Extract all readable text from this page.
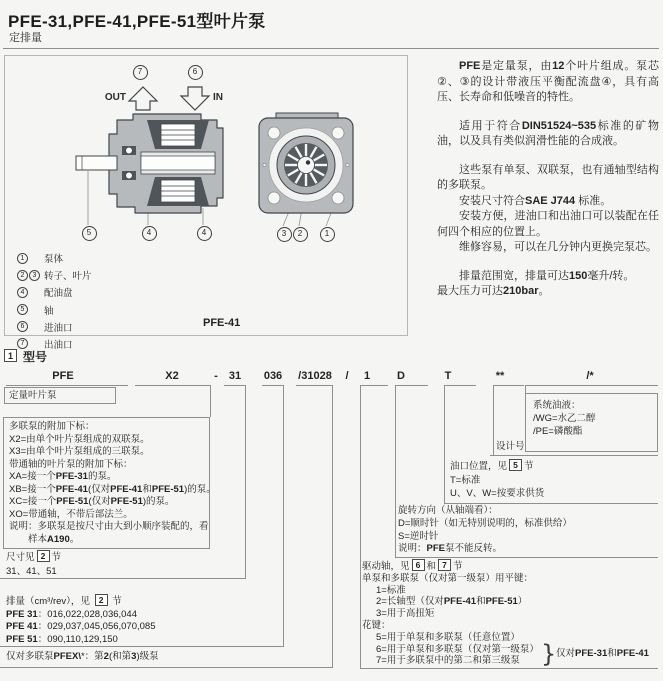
PFE-31,PFE-41,PFE-51型叶片泵
定排量
OUT	IN
7	6
5	4	4	3	2	1
1	泵体
2	3 转子、叶片
4	配油盘
5	轴
6	进油口
7	出油口
PFE-41

PFE是定量泵，由12个叶片组成。泵芯②、③的设计带液压平衡配流盘④，具有高压、长寿命和低噪音的特性。

适用于符合DIN51524~535标准的矿物油，以及具有类似润滑性能的合成液。

这些泵有单泵、双联泵，也有通轴型结构的多联泵。

安装尺寸符合SAE J744 标准。

安装方便，进油口和出油口可以装配在任何四个相应的位置上。

维修容易，可以在几分钟内更换完泵芯。

排量范围宽，排量可达150毫升/转。

最大压力可达210bar。

1 型号
PFE	X2	- 31 036 /31028 / 1 D	T	**	/*
定量叶片泵
多联泵的附加下标：
X2=由单个叶片泵组成的双联泵。
X3=由单个叶片泵组成的三联泵。
带通轴的叶片泵的附加下标：
XA=接一个PFE-31的泵。
XB=接一个PFE-41(仅对PFE-41和PFE-51)的泵。
XC=接一个PFE-51(仅对PFE-51)的泵。
XO=带通轴，不带后部法兰。
说明：多联泵是按尺寸由大到小顺序装配的，看
　　样本A190。
尺寸见 2 节
31、41、51
排量（cm³/rev），见 2 节
PFE 31：016,022,028,036,044
PFE 41：029,037,045,056,070,085
PFE 51：090,110,129,150
仅对多联泵PFEX\*：第2(和第3)级泵
系统油液：
/WG=水乙二醇
/PE=磷酸酯
设计号
油口位置，见 5 节
T=标准
U、V、W=按要求供货
旋转方向（从轴端看）：
D=顺时针（如无特别说明的，标准供给）
S=逆时针
说明：PFE泵不能反转。
驱动轴，见 6 和 7 节
单泵和多联泵（仅对第一级泵）用平键：
1=标准
2=长轴型（仅对PFE-41和PFE-51）
3=用于高扭矩
花键：
5=用于单泵和多联泵（任意位置）
6=用于单泵和多联泵（仅对第一级泵）
7=用于多联泵中的第二和第三级泵 } 仅对PFE-31和PFE-41
